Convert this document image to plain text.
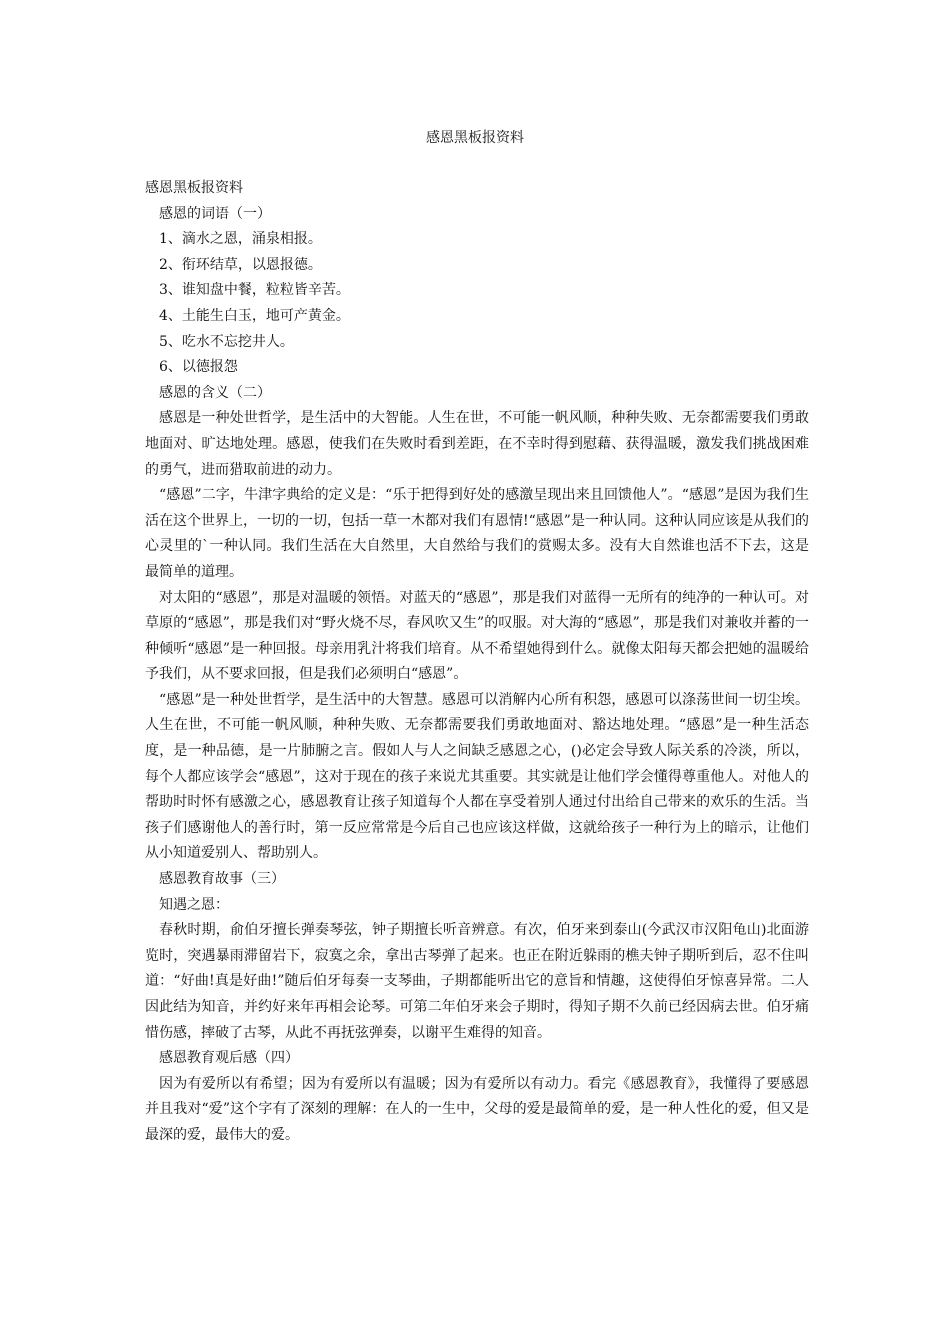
感恩黑板报资料

感恩黑板报资料

感恩的词语（一）

1、滴水之恩，涌泉相报。

2、衔环结草，以恩报德。

3、谁知盘中餐，粒粒皆辛苦。

4、土能生白玉，地可产黄金。

5、吃水不忘挖井人。

6、以德报怨

感恩的含义（二）

感恩是一种处世哲学，是生活中的大智能。人生在世，不可能一帆风顺，种种失败、无奈都需要我们勇敢地面对、旷达地处理。感恩，使我们在失败时看到差距，在不幸时得到慰藉、获得温暖，激发我们挑战困难的勇气，进而猎取前进的动力。

“感恩”二字，牛津字典给的定义是：“乐于把得到好处的感激呈现出来且回馈他人”。“感恩”是因为我们生活在这个世界上，一切的一切，包括一草一木都对我们有恩情!“感恩”是一种认同。这种认同应该是从我们的心灵里的`一种认同。我们生活在大自然里，大自然给与我们的赏赐太多。没有大自然谁也活不下去，这是最简单的道理。

对太阳的“感恩”，那是对温暖的领悟。对蓝天的“感恩”，那是我们对蓝得一无所有的纯净的一种认可。对草原的“感恩”，那是我们对“野火烧不尽，春风吹又生”的叹服。对大海的“感恩”，那是我们对兼收并蓄的一种倾听“感恩”是一种回报。母亲用乳汁将我们培育。从不希望她得到什么。就像太阳每天都会把她的温暖给予我们，从不要求回报，但是我们必须明白“感恩”。

“感恩”是一种处世哲学，是生活中的大智慧。感恩可以消解内心所有积怨，感恩可以涤荡世间一切尘埃。人生在世，不可能一帆风顺，种种失败、无奈都需要我们勇敢地面对、豁达地处理。“感恩”是一种生活态度，是一种品德，是一片肺腑之言。假如人与人之间缺乏感恩之心，()必定会导致人际关系的冷淡，所以，每个人都应该学会“感恩”，这对于现在的孩子来说尤其重要。其实就是让他们学会懂得尊重他人。对他人的帮助时时怀有感激之心，感恩教育让孩子知道每个人都在享受着别人通过付出给自己带来的欢乐的生活。当孩子们感谢他人的善行时，第一反应常常是今后自己也应该这样做，这就给孩子一种行为上的暗示，让他们从小知道爱别人、帮助别人。

感恩教育故事（三）

知遇之恩：

春秋时期，俞伯牙擅长弹奏琴弦，钟子期擅长听音辨意。有次，伯牙来到泰山(今武汉市汉阳龟山)北面游览时，突遇暴雨滞留岩下，寂寞之余，拿出古琴弹了起来。也正在附近躲雨的樵夫钟子期听到后，忍不住叫道：“好曲!真是好曲!”随后伯牙每奏一支琴曲，子期都能听出它的意旨和情趣，这使得伯牙惊喜异常。二人因此结为知音，并约好来年再相会论琴。可第二年伯牙来会子期时，得知子期不久前已经因病去世。伯牙痛惜伤感，摔破了古琴，从此不再抚弦弹奏，以谢平生难得的知音。

感恩教育观后感（四）

因为有爱所以有希望；因为有爱所以有温暖；因为有爱所以有动力。看完《感恩教育》，我懂得了要感恩并且我对“爱”这个字有了深刻的理解：在人的一生中，父母的爱是最简单的爱，是一种人性化的爱，但又是最深的爱，最伟大的爱。
